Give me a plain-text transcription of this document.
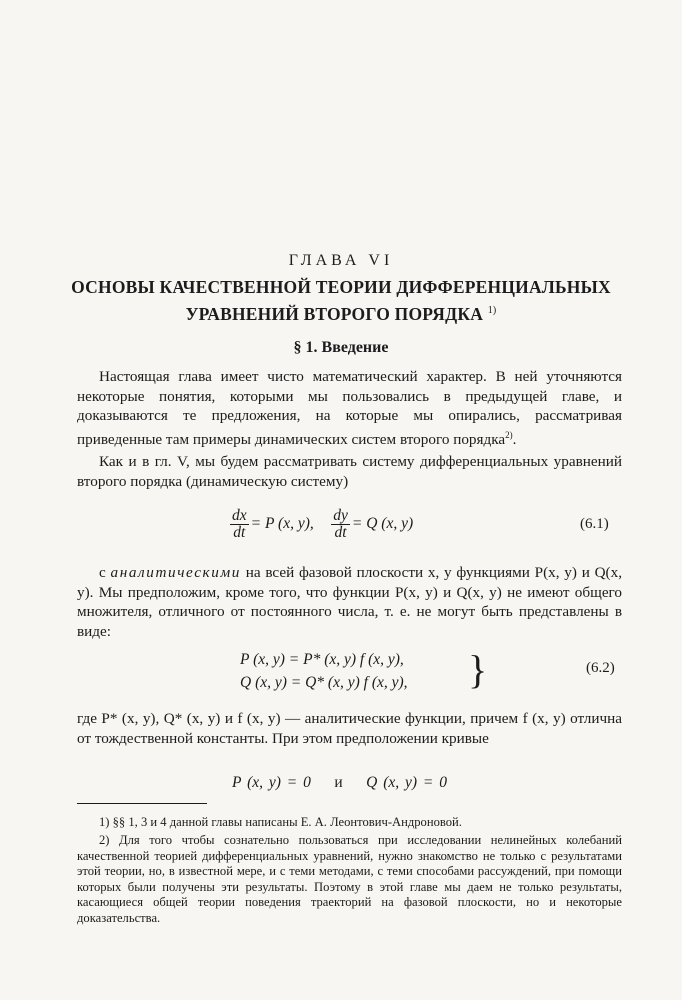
ГЛАВА VI
ОСНОВЫ КАЧЕСТВЕННОЙ ТЕОРИИ ДИФФЕРЕНЦИАЛЬНЫХ
УРАВНЕНИЙ ВТОРОГО ПОРЯДКА $^{1)}$
§ 1. Введение

Настоящая глава имеет чисто математический характер. В ней уточняются некоторые понятия, которыми мы пользовались в предыдущей главе, и доказываются те предложения, на которые мы опирались, рассматривая приведенные там примеры динамических систем второго порядка$^{2)}$.

Как и в гл. V, мы будем рассматривать систему дифференциальных уравнений второго порядка (динамическую систему)

$\frac{dx}{dt} = P$ (x, y), $\frac{dy}{dt} = Q$ (x, y)	(6.1)

с аналитическими на всей фазовой плоскости x, y функциями P(x, y) и Q(x, y). Мы предположим, кроме того, что функции P(x, y) и Q(x, y) не имеют общего множителя, отличного от постоянного числа, т. е. не могут быть представлены в виде:

P (x, y) = P* (x, y) f (x, y),
Q (x, y) = Q* (x, y) f (x, y), }	(6.2)

где P* (x, y), Q* (x, y) и f (x, y) — аналитические функции, причем f (x, y) отлична от тождественной константы. При этом предположении кривые

P (x, y) = 0 и Q (x, y) = 0

1) §§ 1, 3 и 4 данной главы написаны Е. А. Леонтович-Андроновой.

2) Для того чтобы сознательно пользоваться при исследовании нелинейных колебаний качественной теорией дифференциальных уравнений, нужно знакомство не только с результатами этой теории, но, в известной мере, и с теми методами, с теми способами рассуждений, при помощи которых были получены эти результаты. Поэтому в этой главе мы даем не только результаты, касающиеся общей теории поведения траекторий на фазовой плоскости, но и некоторые доказательства.
